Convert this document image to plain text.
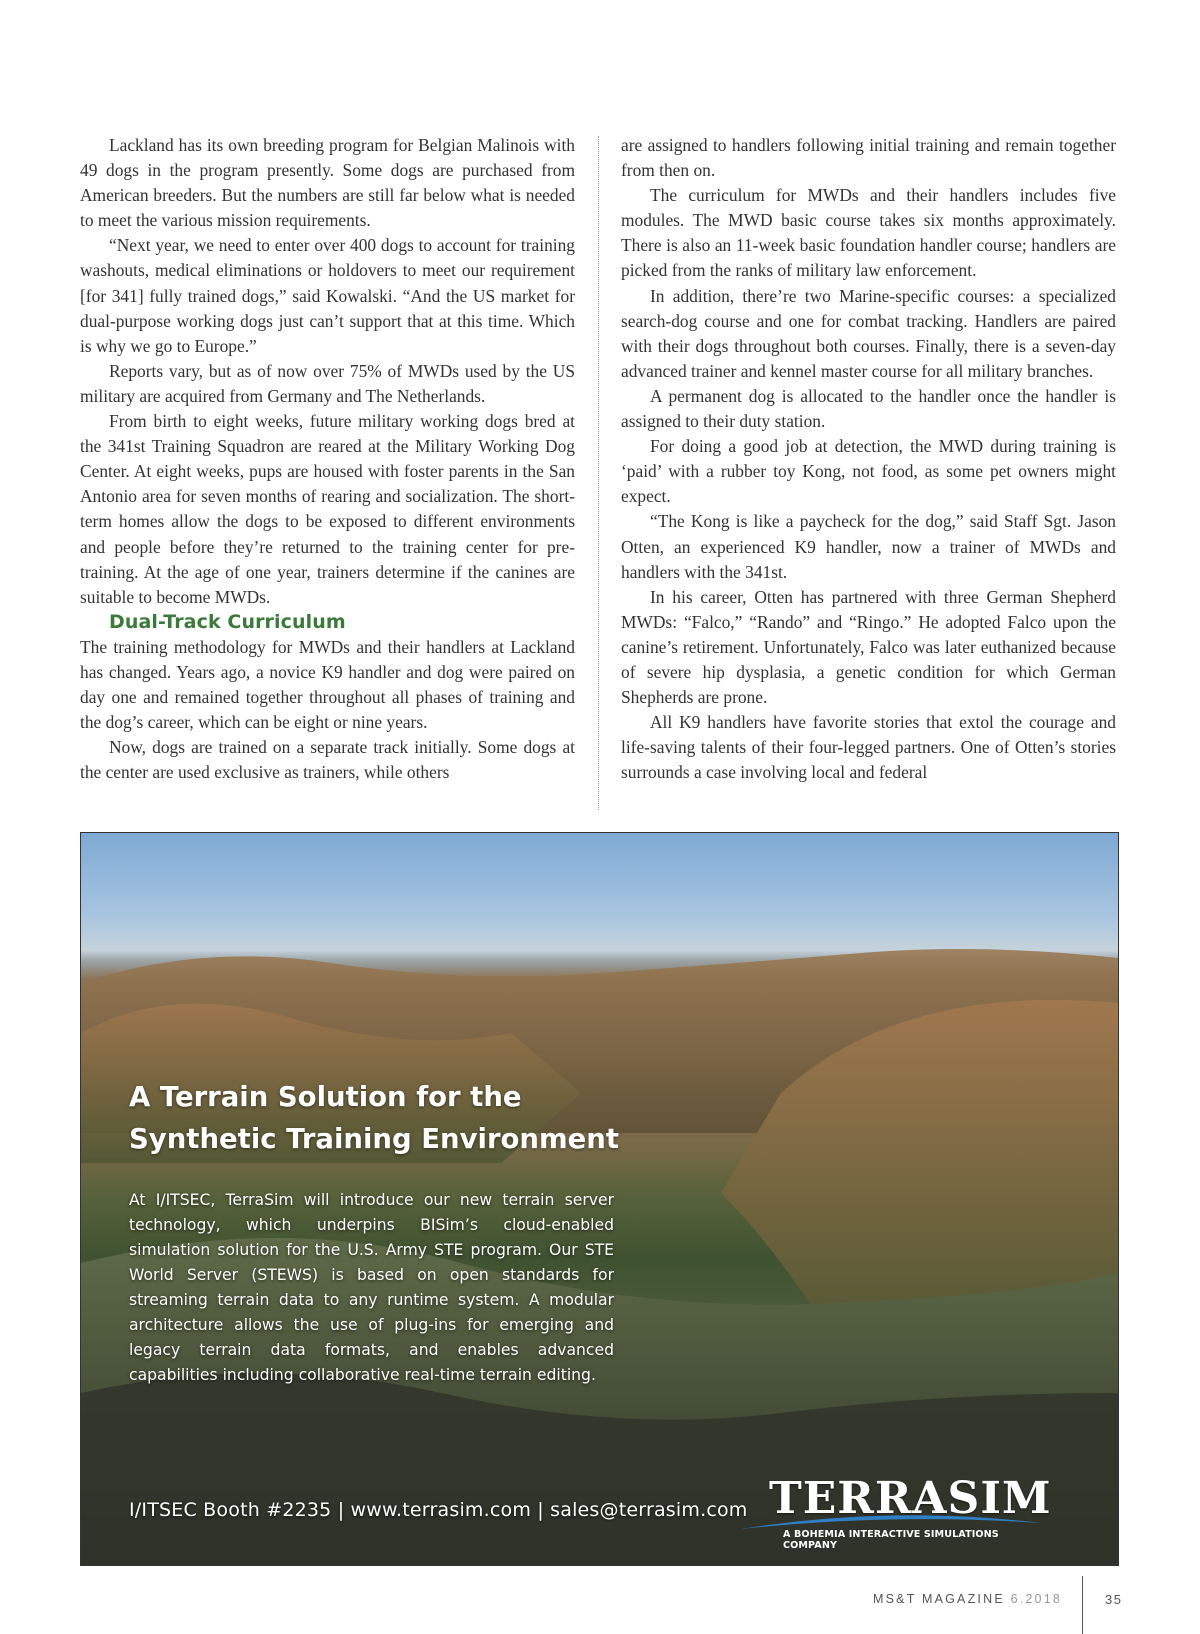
Lackland has its own breeding program for Belgian Malinois with 49 dogs in the program presently. Some dogs are purchased from American breeders. But the numbers are still far below what is needed to meet the various mission requirements.

“Next year, we need to enter over 400 dogs to account for training washouts, medical eliminations or holdovers to meet our requirement [for 341] fully trained dogs,” said Kowalski. “And the US market for dual-purpose working dogs just can’t support that at this time. Which is why we go to Europe.”

Reports vary, but as of now over 75% of MWDs used by the US military are acquired from Germany and The Netherlands.

From birth to eight weeks, future military working dogs bred at the 341st Training Squadron are reared at the Military Working Dog Center. At eight weeks, pups are housed with foster parents in the San Antonio area for seven months of rearing and socialization. The short-term homes allow the dogs to be exposed to different environments and people before they’re returned to the training center for pre-training. At the age of one year, trainers determine if the canines are suitable to become MWDs.

Dual-Track Curriculum

The training methodology for MWDs and their handlers at Lackland has changed. Years ago, a novice K9 handler and dog were paired on day one and remained together throughout all phases of training and the dog’s career, which can be eight or nine years.

Now, dogs are trained on a separate track initially. Some dogs at the center are used exclusive as trainers, while others

are assigned to handlers following initial training and remain together from then on.

The curriculum for MWDs and their handlers includes five modules. The MWD basic course takes six months approximately. There is also an 11-week basic foundation handler course; handlers are picked from the ranks of military law enforcement.

In addition, there’re two Marine-specific courses: a specialized search-dog course and one for combat tracking. Handlers are paired with their dogs throughout both courses. Finally, there is a seven-day advanced trainer and kennel master course for all military branches.

A permanent dog is allocated to the handler once the handler is assigned to their duty station.

For doing a good job at detection, the MWD during training is ‘paid’ with a rubber toy Kong, not food, as some pet owners might expect.

“The Kong is like a paycheck for the dog,” said Staff Sgt. Jason Otten, an experienced K9 handler, now a trainer of MWDs and handlers with the 341st.

In his career, Otten has partnered with three German Shepherd MWDs: “Falco,” “Rando” and “Ringo.” He adopted Falco upon the canine’s retirement. Unfortunately, Falco was later euthanized because of severe hip dysplasia, a genetic condition for which German Shepherds are prone.

All K9 handlers have favorite stories that extol the courage and life-saving talents of their four-legged partners. One of Otten’s stories surrounds a case involving local and federal

A Terrain Solution for the
Synthetic Training Environment
At I/ITSEC, TerraSim will introduce our new terrain server technology, which underpins BISim’s cloud-enabled simulation solution for the U.S. Army STE program. Our STE World Server (STEWS) is based on open standards for streaming terrain data to any runtime system. A modular architecture allows the use of plug-ins for emerging and legacy terrain data formats, and enables advanced capabilities including collaborative real-time terrain editing.
I/ITSEC Booth #2235 | www.terrasim.com | sales@terrasim.com TERRASIM
A BOHEMIA INTERACTIVE SIMULATIONS COMPANY
MS&T MAGAZINE 6.2018	35
